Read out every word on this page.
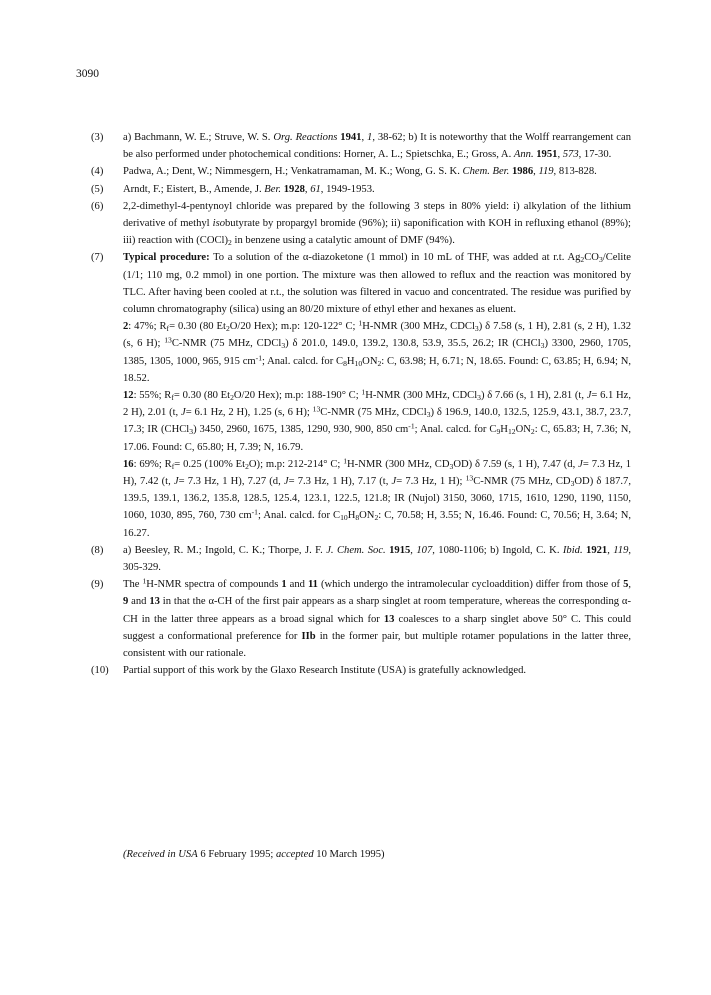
3090
(3) a) Bachmann, W. E.; Struve, W. S. Org. Reactions 1941, 1, 38-62; b) It is noteworthy that the Wolff rearrangement can be also performed under photochemical conditions: Horner, A. L.; Spietschka, E.; Gross, A. Ann. 1951, 573, 17-30.

(4) Padwa, A.; Dent, W.; Nimmesgern, H.; Venkatramaman, M. K.; Wong, G. S. K. Chem. Ber. 1986, 119, 813-828.

(5) Arndt, F.; Eistert, B., Amende, J. Ber. 1928, 61, 1949-1953.

(6) 2,2-dimethyl-4-pentynoyl chloride was prepared by the following 3 steps in 80% yield: i) alkylation of the lithium derivative of methyl isobutyrate by propargyl bromide (96%); ii) saponification with KOH in refluxing ethanol (89%); iii) reaction with $(COCl)_2$ in benzene using a catalytic amount of DMF (94%).

(7) Typical procedure: To a solution of the α-diazoketone (1 mmol) in 10 mL of THF, was added at r.t. $Ag_2CO_3$/Celite (1/1; 110 mg, 0.2 mmol) in one portion. The mixture was then allowed to reflux and the reaction was monitored by TLC. After having been cooled at r.t., the solution was filtered in vacuo and concentrated. The residue was purified by column chromatography (silica) using an 80/20 mixture of ethyl ether and hexanes as eluent.

2: 47%; $R_f= 0.30$ (80 $Et_2O/20$ Hex); m.p: 120-122° C; $^1$H-NMR (300 MHz, CDCl$_3$) δ 7.58 (s, 1 H), 2.81 (s, 2 H), 1.32 (s, 6 H); $^{13}$C-NMR (75 MHz, CDCl$_3$) δ 201.0, 149.0, 139.2, 130.8, 53.9, 35.5, 26.2; IR (CHCl$_3$) 3300, 2960, 1705, 1385, 1305, 1000, 965, 915 $cm^{-1}$; Anal. calcd. for $C_8H_{10}ON_2$: C, 63.98; H, 6.71; N, 18.65. Found: C, 63.85; H, 6.94; N, 18.52.

12: 55%; $R_f= 0.30$ (80 $Et_2O/20$ Hex); m.p: 188-190° C; $^1$H-NMR (300 MHz, CDCl$_3$) δ 7.66 (s, 1 H), 2.81 (t, J= 6.1 Hz, 2 H), 2.01 (t, J= 6.1 Hz, 2 H), 1.25 (s, 6 H); $^{13}$C-NMR (75 MHz, CDCl$_3$) δ 196.9, 140.0, 132.5, 125.9, 43.1, 38.7, 23.7, 17.3; IR (CHCl$_3$) 3450, 2960, 1675, 1385, 1290, 930, 900, 850 $cm^{-1}$; Anal. calcd. for $C_9H_{12}ON_2$: C, 65.83; H, 7.36; N, 17.06. Found: C, 65.80; H, 7.39; N, 16.79.

16: 69%; $R_f= 0.25$ (100% $Et_2O$); m.p: 212-214° C; $^1$H-NMR (300 MHz, $CD_3OD$) δ 7.59 (s, 1 H), 7.47 (d, J= 7.3 Hz, 1 H), 7.42 (t, J= 7.3 Hz, 1 H), 7.27 (d, J= 7.3 Hz, 1 H), 7.17 (t, J= 7.3 Hz, 1 H); $^{13}$C-NMR (75 MHz, $CD_3OD$) δ 187.7, 139.5, 139.1, 136.2, 135.8, 128.5, 125.4, 123.1, 122.5, 121.8; IR (Nujol) 3150, 3060, 1715, 1610, 1290, 1190, 1150, 1060, 1030, 895, 760, 730 $cm^{-1}$; Anal. calcd. for $C_{10}H_8ON_2$: C, 70.58; H, 3.55; N, 16.46. Found: C, 70.56; H, 3.64; N, 16.27.

(8) a) Beesley, R. M.; Ingold, C. K.; Thorpe, J. F. J. Chem. Soc. 1915, 107, 1080-1106; b) Ingold, C. K. Ibid. 1921, 119, 305-329.

(9) The $^1$H-NMR spectra of compounds 1 and 11 (which undergo the intramolecular cycloaddition) differ from those of 5, 9 and 13 in that the α-CH of the first pair appears as a sharp singlet at room temperature, whereas the corresponding α-CH in the latter three appears as a broad signal which for 13 coalesces to a sharp singlet above 50° C. This could suggest a conformational preference for IIb in the former pair, but multiple rotamer populations in the latter three, consistent with our rationale.

(10) Partial support of this work by the Glaxo Research Institute (USA) is gratefully acknowledged.

(Received in USA 6 February 1995; accepted 10 March 1995)
